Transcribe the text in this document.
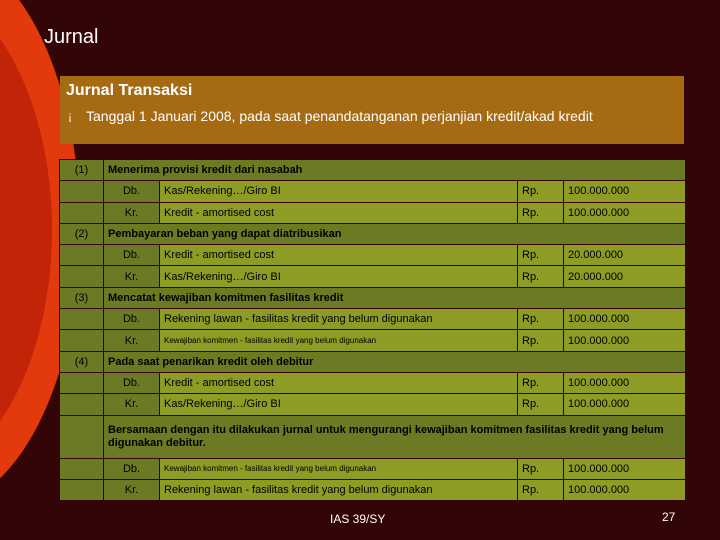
Jurnal
Jurnal Transaksi
¡ Tanggal 1 Januari 2008, pada saat penandatanganan perjanjian kredit/akad kredit
(1)	Menerima provisi kredit dari nasabah			
	Db.	Kas/Rekening…/Giro BI	Rp.	100.000.000
	Kr.	Kredit - amortised cost	Rp.	100.000.000
(2)	Pembayaran beban yang dapat diatribusikan			
	Db.	Kredit - amortised cost	Rp.	20.000.000
	Kr.	Kas/Rekening…/Giro BI	Rp.	20.000.000
(3)	Mencatat kewajiban komitmen fasilitas kredit			
	Db.	Rekening lawan - fasilitas kredit yang belum digunakan	Rp.	100.000.000
	Kr.	Kewajiban komitmen - fasilitas kredit yang belum digunakan	Rp.	100.000.000
(4)	Pada saat penarikan kredit oleh debitur			
	Db.	Kredit - amortised cost	Rp.	100.000.000
	Kr.	Kas/Rekening…/Giro BI	Rp.	100.000.000
	Bersamaan dengan itu dilakukan jurnal untuk mengurangi kewajiban komitmen fasilitas kredit yang belum digunakan debitur.			
	Db.	Kewajiban komitmen - fasilitas kredit yang belum digunakan	Rp.	100.000.000
	Kr.	Rekening lawan - fasilitas kredit yang belum digunakan	Rp.	100.000.000
IAS 39/SY	27
